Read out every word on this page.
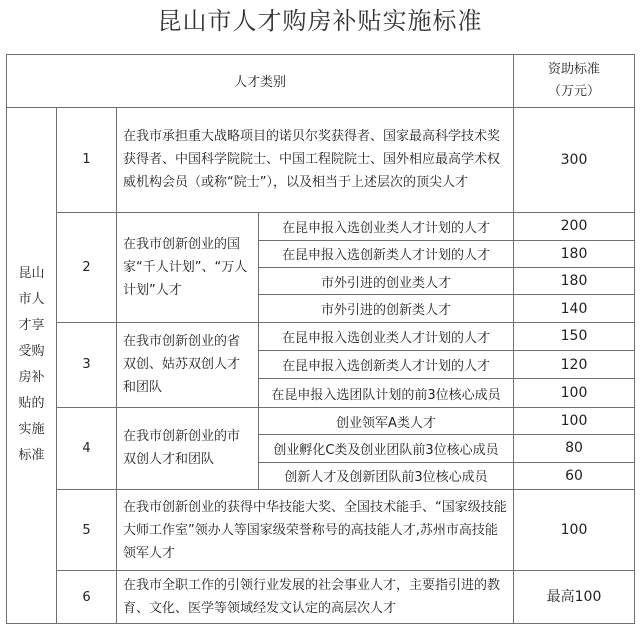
昆山市人才购房补贴实施标准
人才类别				资助标准
（万元）

昆山市人才享受购房补贴的实施标准	1	在我市承担重大战略项目的诺贝尔奖获得者、国家最高科学技术奖获得者、中国科学院院士、中国工程院院士、国外相应最高学术权威机构会员（或称“院士”），以及相当于上述层次的顶尖人才		300
	2	在我市创新创业的国家“千人计划”、“万人计划”人才	在昆申报入选创业类人才计划的人才	200
			在昆申报入选创新类人才计划的人才	180
			市外引进的创业类人才	180
			市外引进的创新类人才	140
	3	在我市创新创业的省双创、姑苏双创人才和团队	在昆申报入选创业类人才计划的人才	150
			在昆申报入选创新类人才计划的人才	120
			在昆申报入选团队计划的前3位核心成员	100
	4	在我市创新创业的市双创人才和团队	创业领军A类人才	100
			创业孵化C类及创业团队前3位核心成员	80
			创新人才及创新团队前3位核心成员	60
	5	在我市创新创业的获得中华技能大奖、全国技术能手、“国家级技能大师工作室”领办人等国家级荣誉称号的高技能人才,苏州市高技能领军人才		100
	6	在我市全职工作的引领行业发展的社会事业人才，主要指引进的教育、文化、医学等领域经发文认定的高层次人才		最高100
